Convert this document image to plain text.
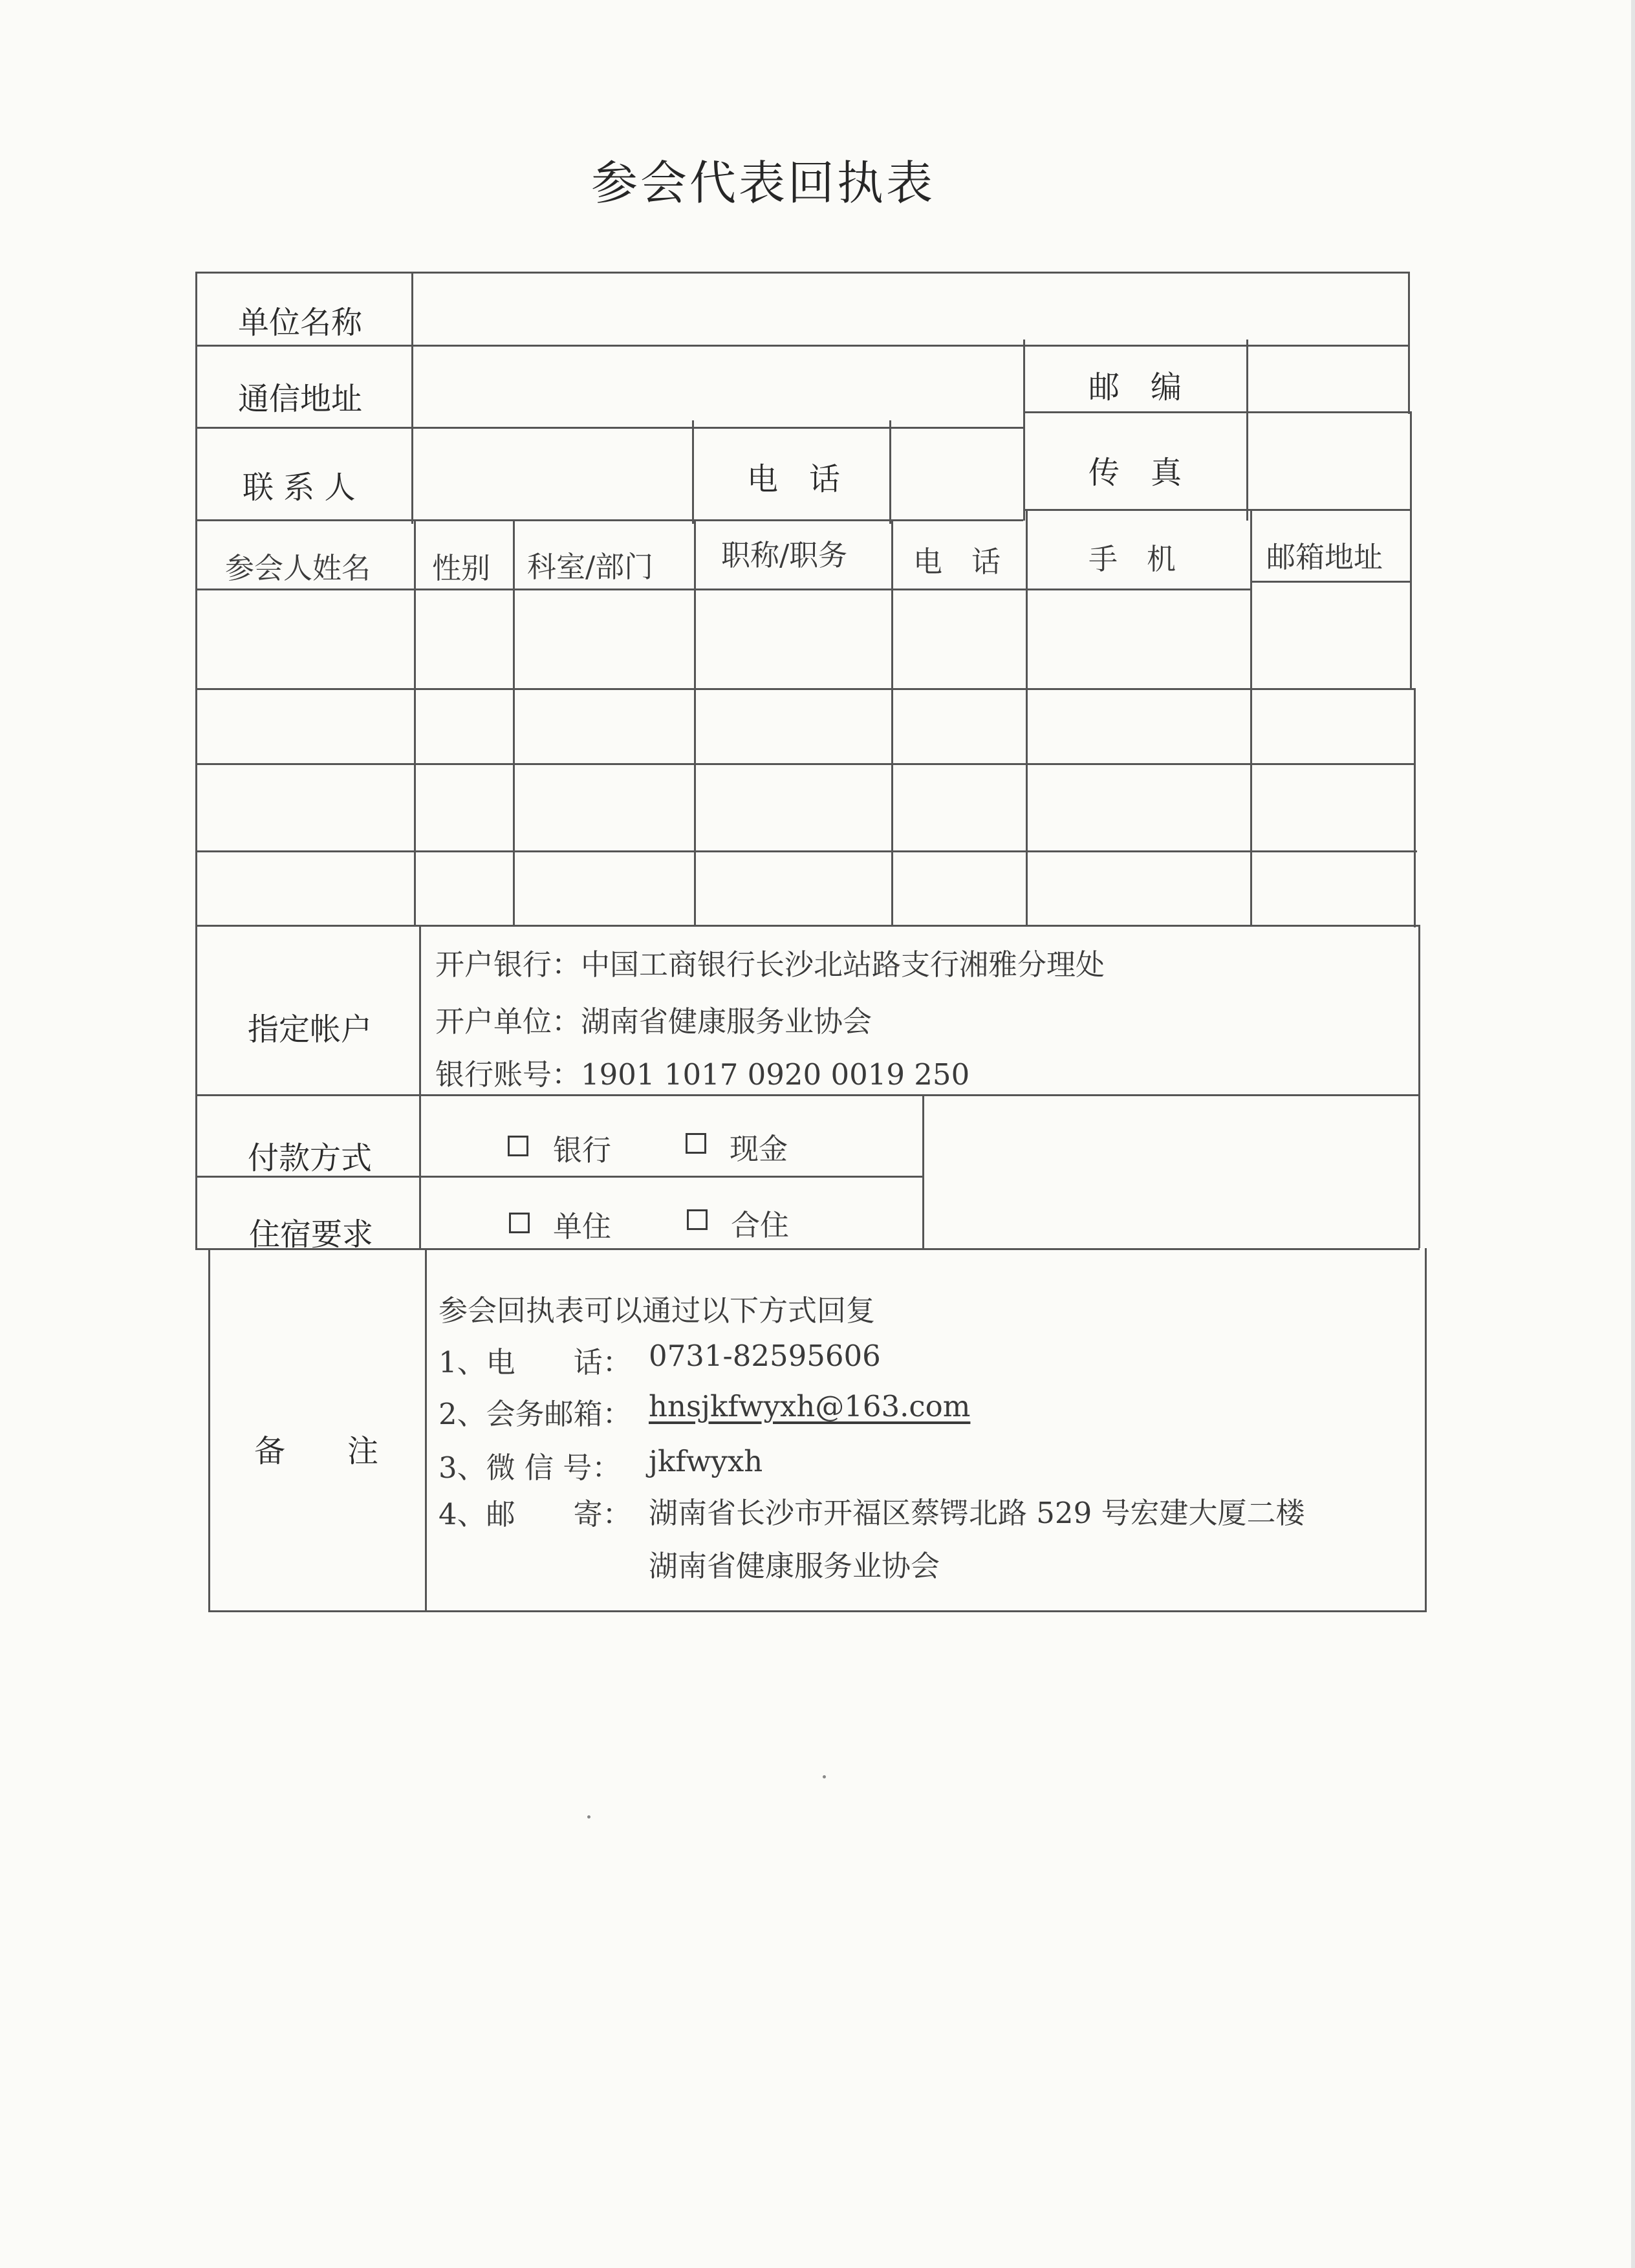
参会代表回执表
单位名称
通信地址	邮　编
联 系 人	电　话	传　真
参会人姓名 性别 科室/部门 职称/职务 电　话	手　机	邮箱地址
指定帐户
开户银行：中国工商银行长沙北站路支行湘雅分理处
开户单位：湖南省健康服务业协会
银行账号：1901 1017 0920 0019 250
付款方式	银行	现金
住宿要求	单住	合住
备　　注
参会回执表可以通过以下方式回复
1、电　　话： 0731-82595606
2、会务邮箱： hnsjkfwyxh@163.com
3、微 信 号： jkfwyxh
4、邮　　寄： 湖南省长沙市开福区蔡锷北路 529 号宏建大厦二楼
湖南省健康服务业协会
